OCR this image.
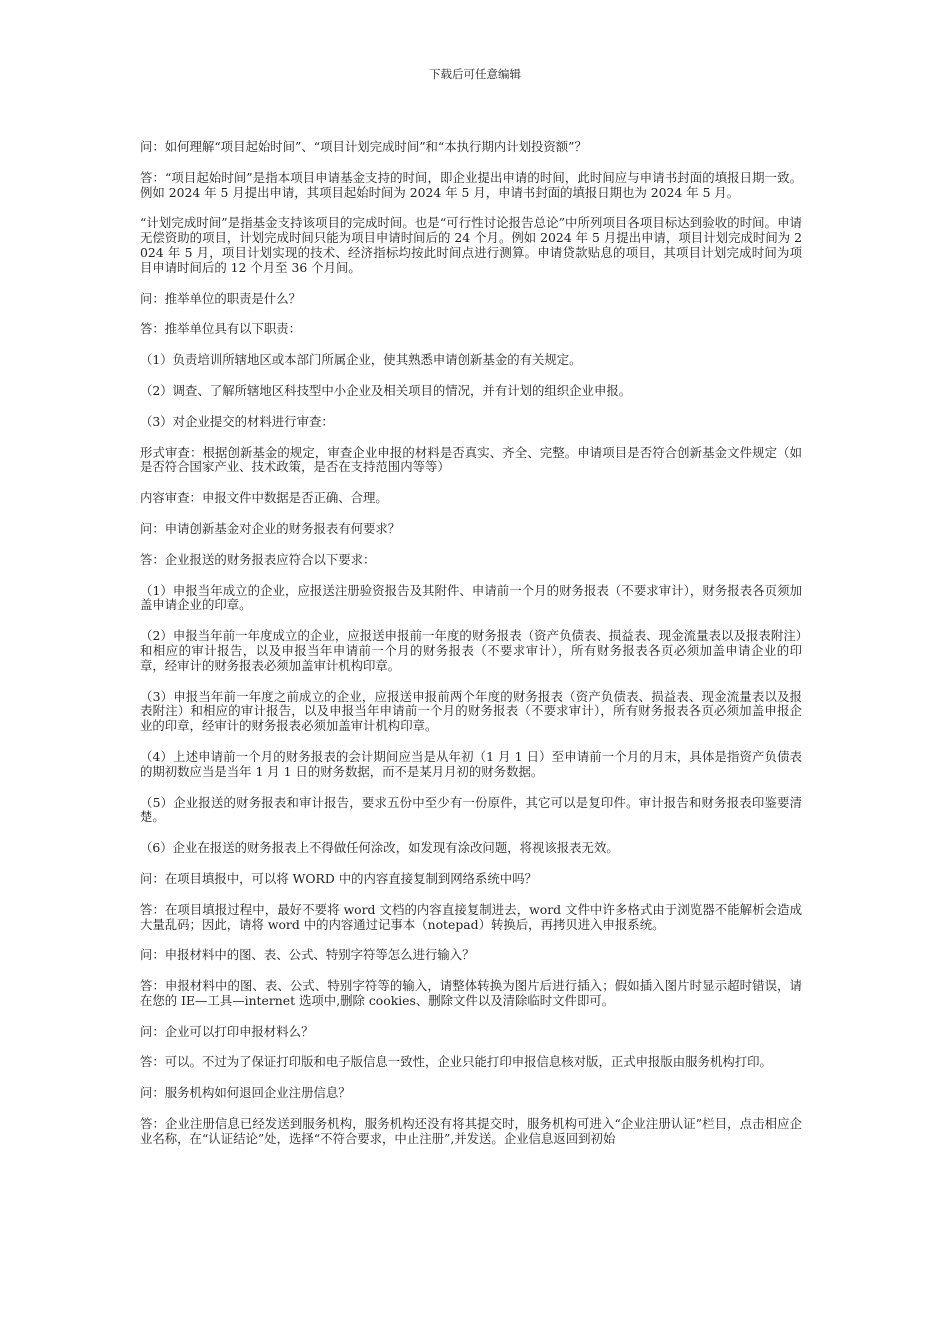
下载后可任意编辑

问：如何理解“项目起始时间”、“项目计划完成时间”和“本执行期内计划投资额”？

答：“项目起始时间”是指本项目申请基金支持的时间，即企业提出申请的时间，此时间应与申请书封面的填报日期一致。例如 2024 年 5 月提出申请，其项目起始时间为 2024 年 5 月，申请书封面的填报日期也为 2024 年 5 月。

“计划完成时间”是指基金支持该项目的完成时间。也是“可行性讨论报告总论”中所列项目各项目标达到验收的时间。申请无偿资助的项目，计划完成时间只能为项目申请时间后的 24 个月。例如 2024 年 5 月提出申请，项目计划完成时间为 2024 年 5 月，项目计划实现的技术、经济指标均按此时间点进行测算。申请贷款贴息的项目，其项目计划完成时间为项目申请时间后的 12 个月至 36 个月间。

问：推举单位的职责是什么？

答：推举单位具有以下职责：

（1）负责培训所辖地区或本部门所属企业，使其熟悉申请创新基金的有关规定。

（2）调查、了解所辖地区科技型中小企业及相关项目的情况，并有计划的组织企业申报。

（3）对企业提交的材料进行审查：

形式审查：根据创新基金的规定，审查企业申报的材料是否真实、齐全、完整。申请项目是否符合创新基金文件规定（如是否符合国家产业、技术政策，是否在支持范围内等等）

内容审查：申报文件中数据是否正确、合理。

问：申请创新基金对企业的财务报表有何要求？

答：企业报送的财务报表应符合以下要求：

（1）申报当年成立的企业，应报送注册验资报告及其附件、申请前一个月的财务报表（不要求审计），财务报表各页须加盖申请企业的印章。

（2）申报当年前一年度成立的企业，应报送申报前一年度的财务报表（资产负债表、损益表、现金流量表以及报表附注）和相应的审计报告，以及申报当年申请前一个月的财务报表（不要求审计），所有财务报表各页必须加盖申请企业的印章，经审计的财务报表必须加盖审计机构印章。

（3）申报当年前一年度之前成立的企业，应报送申报前两个年度的财务报表（资产负债表、损益表、现金流量表以及报表附注）和相应的审计报告，以及申报当年申请前一个月的财务报表（不要求审计），所有财务报表各页必须加盖申报企业的印章，经审计的财务报表必须加盖审计机构印章。

（4）上述申请前一个月的财务报表的会计期间应当是从年初（1 月 1 日）至申请前一个月的月末，具体是指资产负债表的期初数应当是当年 1 月 1 日的财务数据，而不是某月月初的财务数据。

（5）企业报送的财务报表和审计报告，要求五份中至少有一份原件，其它可以是复印件。审计报告和财务报表印鉴要清楚。

（6）企业在报送的财务报表上不得做任何涂改，如发现有涂改问题，将视该报表无效。

问：在项目填报中，可以将 WORD 中的内容直接复制到网络系统中吗？

答：在项目填报过程中，最好不要将 word 文档的内容直接复制进去，word 文件中许多格式由于浏览器不能解析会造成大量乱码；因此，请将 word 中的内容通过记事本（notepad）转换后，再拷贝进入申报系统。

问：申报材料中的图、表、公式、特别字符等怎么进行输入？

答：申报材料中的图、表、公式、特别字符等的输入，请整体转换为图片后进行插入；假如插入图片时显示超时错误，请在您的 IE—工具—internet 选项中,删除 cookies、删除文件以及清除临时文件即可。

问：企业可以打印申报材料么？

答：可以。不过为了保证打印版和电子版信息一致性，企业只能打印申报信息核对版，正式申报版由服务机构打印。

问：服务机构如何退回企业注册信息？

答：企业注册信息已经发送到服务机构，服务机构还没有将其提交时，服务机构可进入“企业注册认证”栏目，点击相应企业名称，在“认证结论”处，选择“不符合要求，中止注册”,并发送。企业信息返回到初始
